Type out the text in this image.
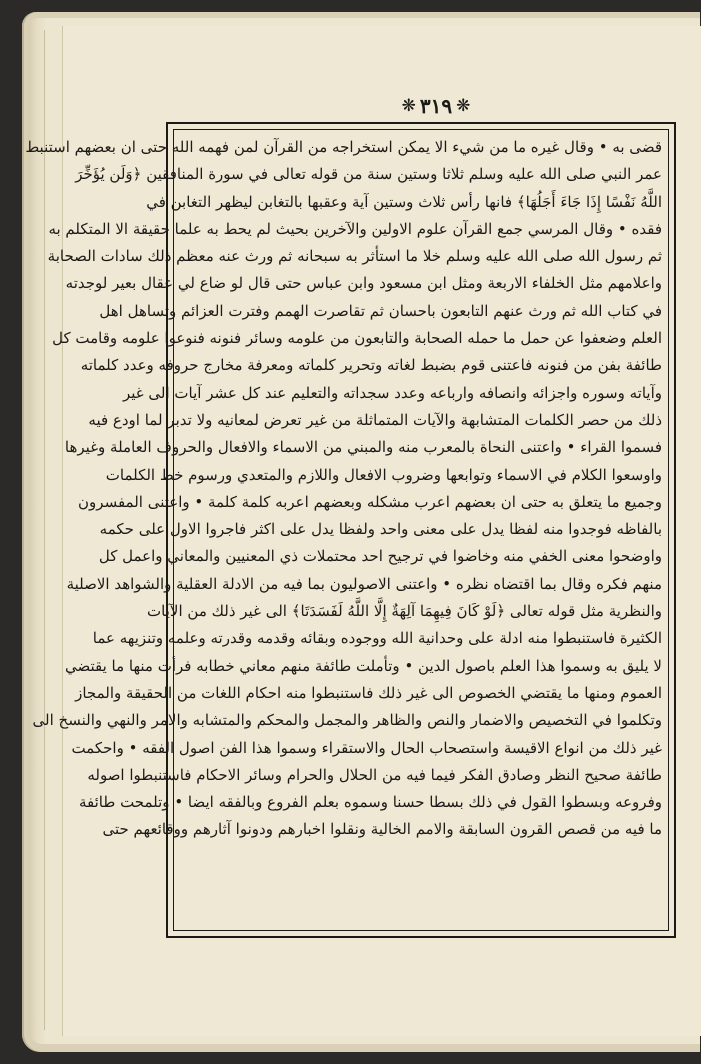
❋ ٣١٩ ❋
قضى به • وقال غيره ما من شيء الا يمكن استخراجه من القرآن لمن فهمه الله حتى ان بعضهم استنبط
عمر النبي صلى الله عليه وسلم ثلاثا وستين سنة من قوله تعالى في سورة المنافقين ﴿وَلَن يُؤَخِّرَ
اللَّهُ نَفْسًا إِذَا جَاءَ أَجَلُهَا﴾ فانها رأس ثلاث وستين آية وعقبها بالتغابن ليظهر التغابن في
فقده • وقال المرسي جمع القرآن علوم الاولين والآخرين بحيث لم يحط به علما حقيقة الا المتكلم به
ثم رسول الله صلى الله عليه وسلم خلا ما استأثر به سبحانه ثم ورث عنه معظم ذلك سادات الصحابة
واعلامهم مثل الخلفاء الاربعة ومثل ابن مسعود وابن عباس حتى قال لو ضاع لي عقال بعير لوجدته
في كتاب الله ثم ورث عنهم التابعون باحسان ثم تقاصرت الهمم وفترت العزائم وتساهل اهل
العلم وضعفوا عن حمل ما حمله الصحابة والتابعون من علومه وسائر فنونه فنوعوا علومه وقامت كل
طائفة بفن من فنونه فاعتنى قوم بضبط لغاته وتحرير كلماته ومعرفة مخارج حروفه وعدد كلماته
وآياته وسوره واجزائه وانصافه وارباعه وعدد سجداته والتعليم عند كل عشر آيات الى غير
ذلك من حصر الكلمات المتشابهة والآيات المتماثلة من غير تعرض لمعانيه ولا تدبر لما اودع فيه
فسموا القراء • واعتنى النحاة بالمعرب منه والمبني من الاسماء والافعال والحروف العاملة وغيرها
واوسعوا الكلام في الاسماء وتوابعها وضروب الافعال واللازم والمتعدي ورسوم خط الكلمات
وجميع ما يتعلق به حتى ان بعضهم اعرب مشكله وبعضهم اعربه كلمة كلمة • واعتنى المفسرون
بالفاظه فوجدوا منه لفظا يدل على معنى واحد ولفظا يدل على اكثر فاجروا الاول على حكمه
واوضحوا معنى الخفي منه وخاضوا في ترجيح احد محتملات ذي المعنيين والمعاني واعمل كل
منهم فكره وقال بما اقتضاه نظره • واعتنى الاصوليون بما فيه من الادلة العقلية والشواهد الاصلية
والنظرية مثل قوله تعالى ﴿لَوْ كَانَ فِيهِمَا آلِهَةٌ إِلَّا اللَّهُ لَفَسَدَتَا﴾ الى غير ذلك من الآيات
الكثيرة فاستنبطوا منه ادلة على وحدانية الله ووجوده وبقائه وقدمه وقدرته وعلمه وتنزيهه عما
لا يليق به وسموا هذا العلم باصول الدين • وتأملت طائفة منهم معاني خطابه فرأت منها ما يقتضي
العموم ومنها ما يقتضي الخصوص الى غير ذلك فاستنبطوا منه احكام اللغات من الحقيقة والمجاز
وتكلموا في التخصيص والاضمار والنص والظاهر والمجمل والمحكم والمتشابه والامر والنهي والنسخ الى
غير ذلك من انواع الاقيسة واستصحاب الحال والاستقراء وسموا هذا الفن اصول الفقه • واحكمت
طائفة صحيح النظر وصادق الفكر فيما فيه من الحلال والحرام وسائر الاحكام فاستنبطوا اصوله
وفروعه وبسطوا القول في ذلك بسطا حسنا وسموه بعلم الفروع وبالفقه ايضا • وتلمحت طائفة
ما فيه من قصص القرون السابقة والامم الخالية ونقلوا اخبارهم ودونوا آثارهم ووقائعهم حتى
